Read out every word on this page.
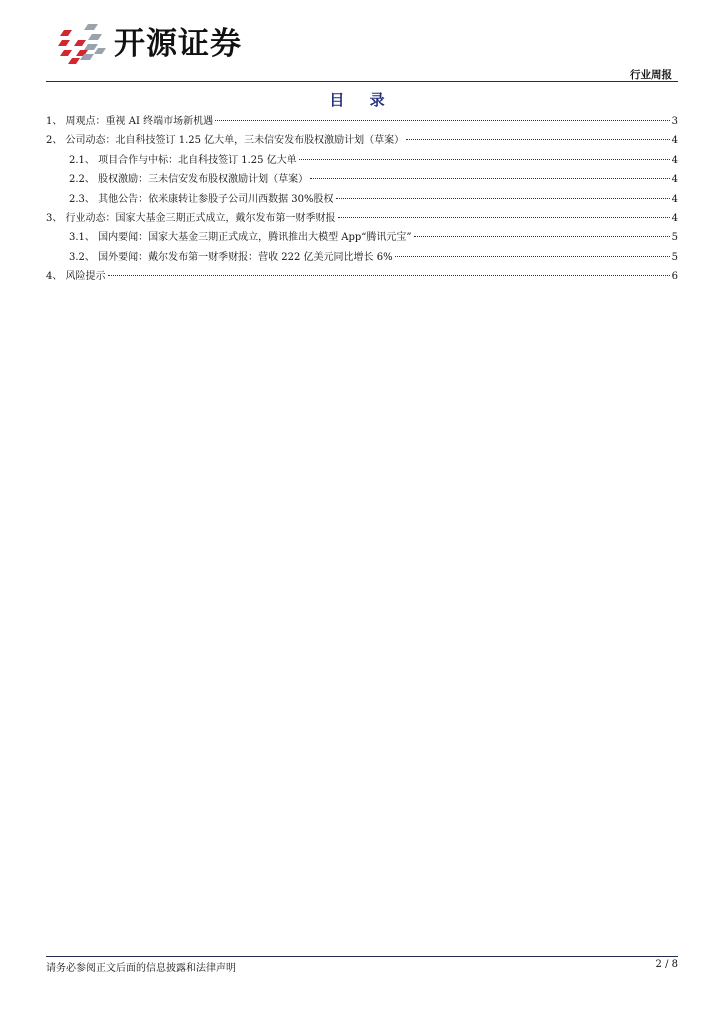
开源证券
行业周报
目 录
1、 周观点：重视 AI 终端市场新机遇	3
2、 公司动态：北自科技签订 1.25 亿大单，三未信安发布股权激励计划（草案）	4
2.1、 项目合作与中标：北自科技签订 1.25 亿大单	4
2.2、 股权激励：三未信安发布股权激励计划（草案）	4
2.3、 其他公告：依米康转让参股子公司川西数据 30%股权	4
3、 行业动态：国家大基金三期正式成立，戴尔发布第一财季财报	4
3.1、 国内要闻：国家大基金三期正式成立，腾讯推出大模型 App“腾讯元宝”	5
3.2、 国外要闻：戴尔发布第一财季财报：营收 222 亿美元同比增长 6%	5
4、 风险提示	6
请务必参阅正文后面的信息披露和法律声明	2 / 8
